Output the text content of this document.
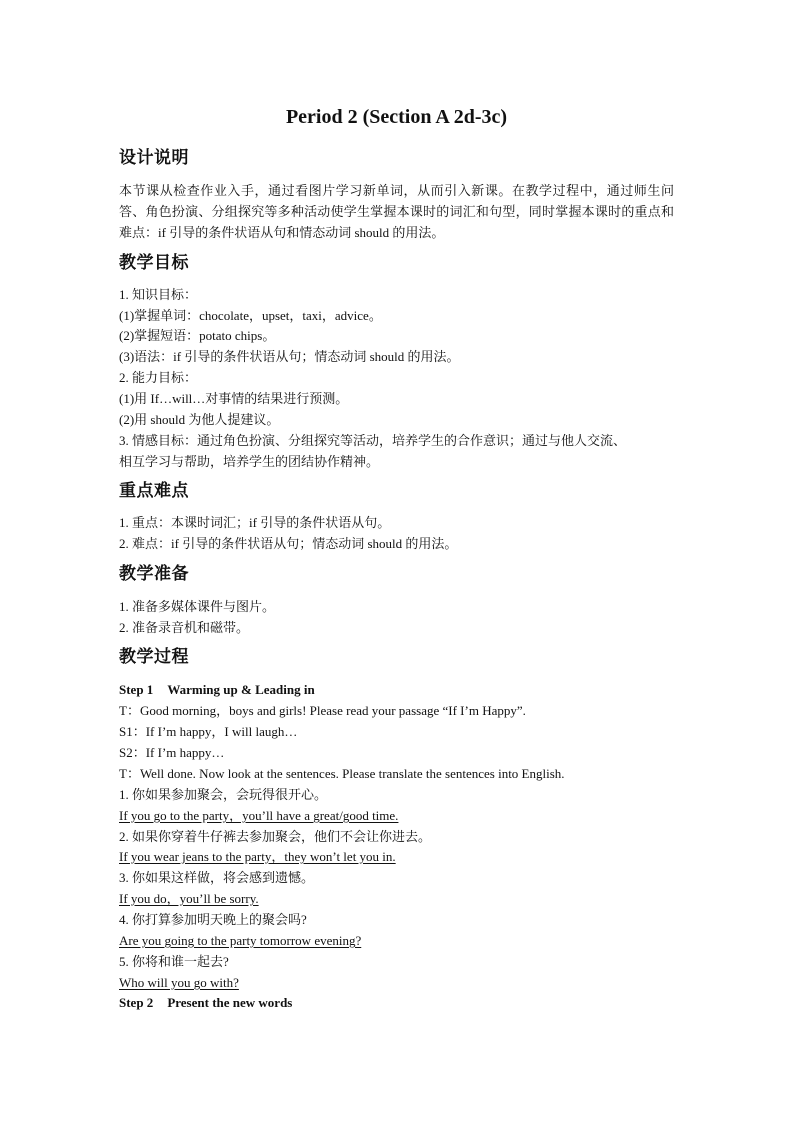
Period 2 (Section A 2d-3c)
设计说明
本节课从检查作业入手，通过看图片学习新单词，从而引入新课。在教学过程中，通过师生问答、角色扮演、分组探究等多种活动使学生掌握本课时的词汇和句型，同时掌握本课时的重点和难点：if 引导的条件状语从句和情态动词 should 的用法。
教学目标
1. 知识目标：
(1)掌握单词：chocolate，upset，taxi，advice。
(2)掌握短语：potato chips。
(3)语法：if 引导的条件状语从句；情态动词 should 的用法。
2. 能力目标：
(1)用 If…will…对事情的结果进行预测。
(2)用 should 为他人提建议。
3. 情感目标：通过角色扮演、分组探究等活动，培养学生的合作意识；通过与他人交流、
相互学习与帮助，培养学生的团结协作精神。
重点难点
1. 重点：本课时词汇；if 引导的条件状语从句。
2. 难点：if 引导的条件状语从句；情态动词 should 的用法。
教学准备
1. 准备多媒体课件与图片。
2. 准备录音机和磁带。
教学过程
Step 1 Warming up & Leading in
T：Good morning，boys and girls! Please read your passage “If I’m Happy”.
S1：If I’m happy，I will laugh…
S2：If I’m happy…
T：Well done. Now look at the sentences. Please translate the sentences into English.
1. 你如果参加聚会，会玩得很开心。
If you go to the party，you’ll have a great/good time.
2. 如果你穿着牛仔裤去参加聚会，他们不会让你进去。
If you wear jeans to the party，they won’t let you in.
3. 你如果这样做，将会感到遗憾。
If you do，you’ll be sorry.
4. 你打算参加明天晚上的聚会吗?
Are you going to the party tomorrow evening?
5. 你将和谁一起去?
Who will you go with?
Step 2 Present the new words
